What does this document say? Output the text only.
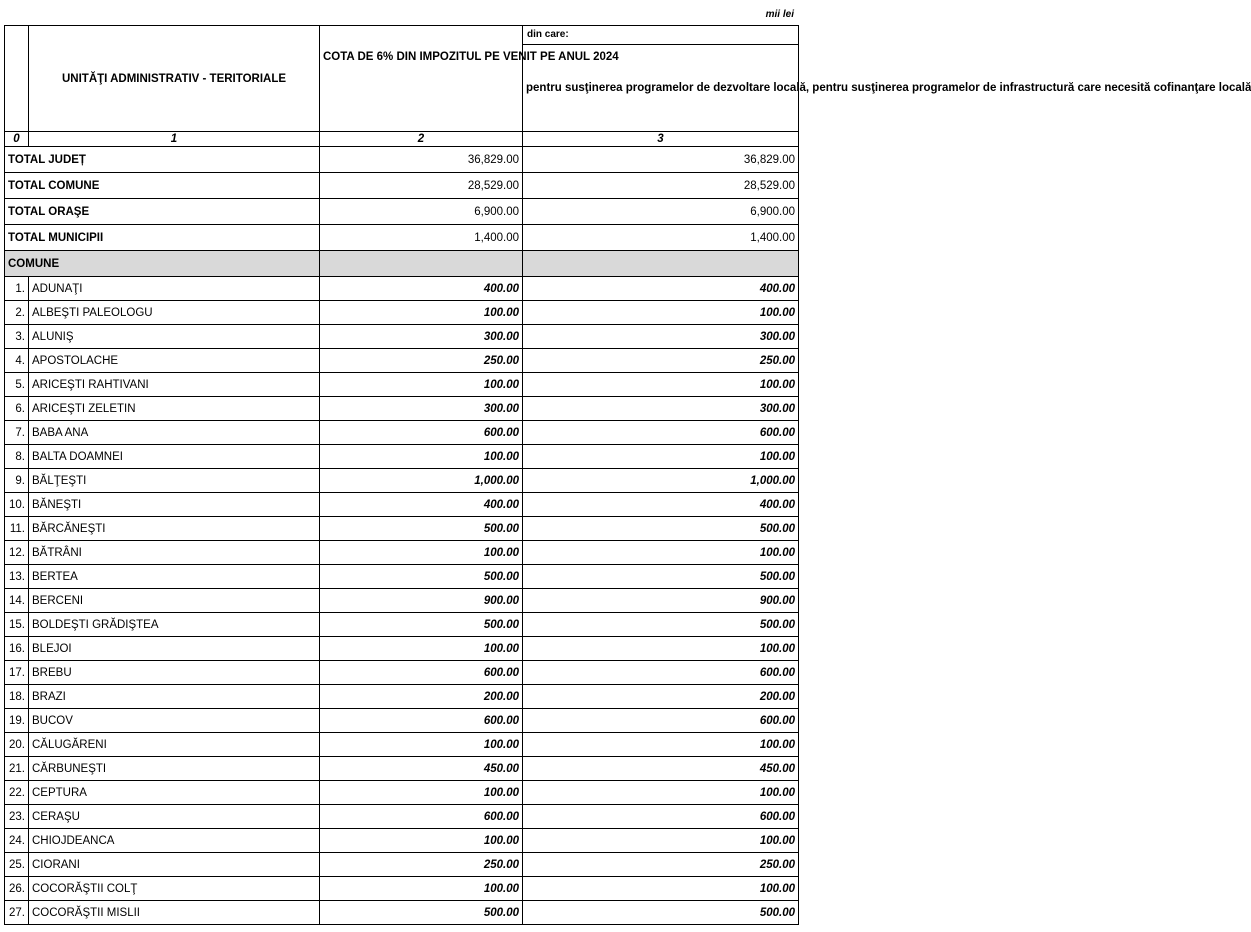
mii lei
	UNITĂŢI ADMINISTRATIV - TERITORIALE	COTA DE 6% DIN IMPOZITUL PE VENIT PE ANUL 2024	din care:
			pentru susţinerea programelor de dezvoltare locală, pentru susţinerea programelor de infrastructură care necesită cofinanţare locală
0	1	2	3
TOTAL JUDEȚ		36,829.00	36,829.00
TOTAL COMUNE		28,529.00	28,529.00
TOTAL ORAŞE		6,900.00	6,900.00
TOTAL MUNICIPII		1,400.00	1,400.00
COMUNE			
1.	ADUNAŢI	400.00	400.00
2.	ALBEŞTI PALEOLOGU	100.00	100.00
3.	ALUNIŞ	300.00	300.00
4.	APOSTOLACHE	250.00	250.00
5.	ARICEŞTI RAHTIVANI	100.00	100.00
6.	ARICEŞTI ZELETIN	300.00	300.00
7.	BABA ANA	600.00	600.00
8.	BALTA DOAMNEI	100.00	100.00
9.	BĂLŢEŞTI	1,000.00	1,000.00
10.	BĂNEŞTI	400.00	400.00
11.	BĂRCĂNEŞTI	500.00	500.00
12.	BĂTRÂNI	100.00	100.00
13.	BERTEA	500.00	500.00
14.	BERCENI	900.00	900.00
15.	BOLDEŞTI GRĂDIŞTEA	500.00	500.00
16.	BLEJOI	100.00	100.00
17.	BREBU	600.00	600.00
18.	BRAZI	200.00	200.00
19.	BUCOV	600.00	600.00
20.	CĂLUGĂRENI	100.00	100.00
21.	CĂRBUNEŞTI	450.00	450.00
22.	CEPTURA	100.00	100.00
23.	CERAŞU	600.00	600.00
24.	CHIOJDEANCA	100.00	100.00
25.	CIORANI	250.00	250.00
26.	COCORĂŞTII COLŢ	100.00	100.00
27.	COCORĂŞTII MISLII	500.00	500.00
